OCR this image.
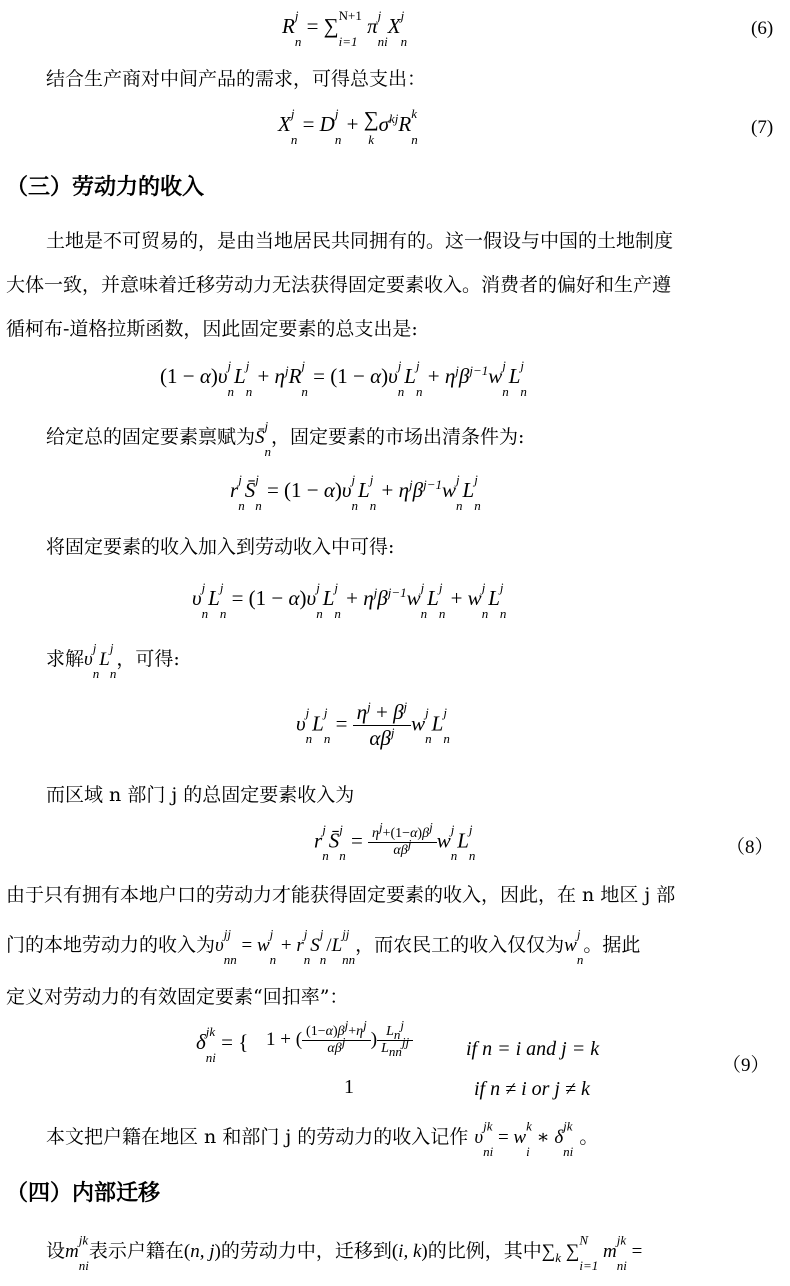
$R^j$
$_n$ = ∑$^{N+1}$
$_{i=1}$ $\pi^j$
$_{ni}X^j$
$_n$
(6)
结合生产商对中间产品的需求，可得总支出：
$X^j$
$_n = D^j$
$_n$ + ∑
$_k\sigma^{kj}R^k$
$_n$
(7)
（三）劳动力的收入
土地是不可贸易的，是由当地居民共同拥有的。这一假设与中国的土地制度
大体一致，并意味着迁移劳动力无法获得固定要素收入。消费者的偏好和生产遵
循柯布-道格拉斯函数，因此固定要素的总支出是:
$(1 - \alpha)\upsilon^j$
$_nL^j$
$_n + \eta^jR^j$
$_n = (1 - \alpha)\upsilon^j$
$_nL^j$
$_n + \eta^j\beta^{j-1}w^j$
$_nL^j$
$_n$
给定总的固定要素禀赋为S̄$^j$
$_n$，固定要素的市场出清条件为:
$r^j$
$_n$S̄$^j$
$_n = (1 - \alpha)\upsilon^j$
$_nL^j$
$_n + \eta^j\beta^{j-1}w^j$
$_nL^j$
$_n$
将固定要素的收入加入到劳动收入中可得:
$\upsilon^j$
$_nL^j$
$_n = (1 - \alpha)\upsilon^j$
$_nL^j$
$_n + \eta^j\beta^{j-1}w^j$
$_nL^j$
$_n + w^j$
$_nL^j$
$_n$
求解$\upsilon^j$
$_nL^j$
$_n$，可得:
$\upsilon^j$
$_nL^j$
$_n = \frac{\eta^j + \beta^j}{\alpha\beta^j} w^j$
$_nL^j$
$_n$
而区域 n 部门 j 的总固定要素收入为
$r^j$
$_n$S̄$^j$
$_n = \frac{\eta^j+(1-\alpha)\beta^j}{\alpha\beta^j} w^j$
$_nL^j$
$_n$	（8）
由于只有拥有本地户口的劳动力才能获得固定要素的收入，因此，在 n 地区 j 部
门的本地劳动力的收入为$\upsilon^{jj}$
$_{nn} = w^j$
$_n + r^j$
$_nS^j$
$_n/L^{jj}$
$_{nn}$，而农民工的收入仅仅为$w^j$
$_n$。据此
定义对劳动力的有效固定要素“回扣率”：
$\delta^{jk}$
$_{ni}$ = { 1 + ( $\frac{(1-\alpha)\beta^j+\eta^j}{\alpha\beta^j}$ ) $\frac{L_n^j}{L_{nn}^{jj}}$	if n = i and j = k
1	if n ≠ i or j ≠ k
（9）
本文把户籍在地区 n 和部门 j 的劳动力的收入记作 $\upsilon^{jk}$
$_{ni} = w^k$
$_i$ ∗ $\delta^{jk}$
$_{ni}$ 。
（四）内部迁移
设$m^{jk}$
$_{ni}$表示户籍在(n, j)的劳动力中，迁移到(i, k)的比例，其中$\sum_k$ ∑$^N$
$_{i=1}$ $m^{jk}$
$_{ni}$ =
